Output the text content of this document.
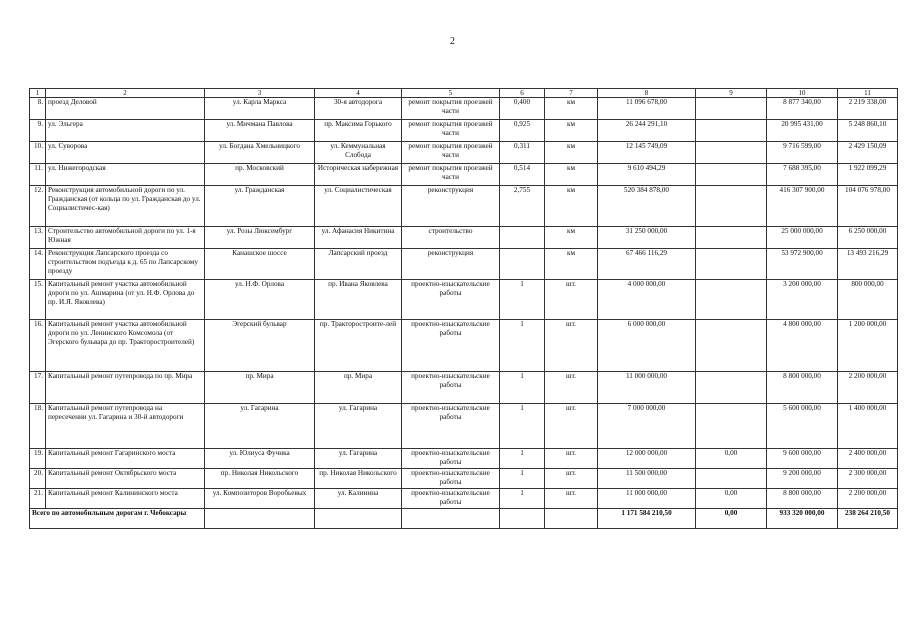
2
1	2	3	4	5	6	7	8	9	10	11
8.	проезд Деловой	ул. Карла Маркса	30-я автодорога	ремонт покрытия проезжей части	0,400	км	11 096 678,00		8 877 340,00	2 219 338,00
9.	ул. Эльгера	ул. Мичмана Павлова	пр. Максима Горького	ремонт покрытия проезжей части	0,925	км	26 244 291,10		20 995 431,00	5 248 860,10
10.	ул. Суворова	ул. Богдана Хмельницкого	ул. Кеммунальная Слобода	ремонт покрытия проезжей части	0,311	км	12 145 749,09		9 716 599,00	2 429 150,09
11.	ул. Нижегородская	пр. Московский	Историческая набережная	ремонт покрытия проезжей части	0,514	км	9 610 494,29		7 688 395,00	1 922 099,29
12.	Реконструкция автомобильной дороги по ул. Гражданская (от кольца по ул. Гражданская до ул. Социалистичес-кая)	ул. Гражданская	ул. Социалистическая	реконструкция	2,755	км	520 384 878,00		416 307 900,00	104 076 978,00
13.	Строительство автомобильной дороги по ул. 1-я Южная	ул. Розы Люксембург	ул. Афанасия Никитина	строительство		км	31 250 000,00		25 000 000,00	6 250 000,00
14.	Реконструкция Лапсарского проезда со строительством подъезда к д. 65 по Лапсарскому проезду	Канашское шоссе	Лапсарский проезд	реконструкция		км	67 466 116,29		53 972 900,00	13 493 216,29
15.	Капитальный ремонт участка автомобильной дороги по ул. Ашмарина (от ул. Н.Ф. Орлова до пр. И.Я. Яковлева)	ул. Н.Ф. Орлова	пр. Ивана Яковлева	проектно-изыскательские работы	1	шт.	4 000 000,00		3 200 000,00	800 000,00
16.	Капитальный ремонт участка автомобильной дороги по ул. Ленинского Комсомола (от Эгерского бульвара до пр. Тракторостроителей)	Эгерский бульвар	пр. Тракторостроите-лей	проектно-изыскательские работы	1	шт.	6 000 000,00		4 800 000,00	1 200 000,00
17.	Капитальный ремонт путепровода по пр. Мира	пр. Мира	пр. Мира	проектно-изыскательские работы	1	шт.	11 000 000,00		8 800 000,00	2 200 000,00
18.	Капитальный ремонт путепровода на пересечении ул. Гагарина и 30-й автодороги	ул. Гагарина	ул. Гагарина	проектно-изыскательские работы	1	шт.	7 000 000,00		5 600 000,00	1 400 000,00
19.	Капитальный ремонт Гагаринского моста	ул. Юлиуса Фучика	ул. Гагарина	проектно-изыскательские работы	1	шт.	12 000 000,00	0,00	9 600 000,00	2 400 000,00
20.	Капитальный ремонт Октябрьского моста	пр. Николая Никольского	пр. Николая Никольского	проектно-изыскательские работы	1	шт.	11 500 000,00		9 200 000,00	2 300 000,00
21.	Капитальный ремонт Калининского моста	ул. Композиторов Воробьевых	ул. Калинина	проектно-изыскательские работы	1	шт.	11 000 000,00	0,00	8 800 000,00	2 200 000,00
Всего по автомобильным дорогам г. Чебоксары							1 171 584 210,50	0,00	933 320 000,00	238 264 210,50
